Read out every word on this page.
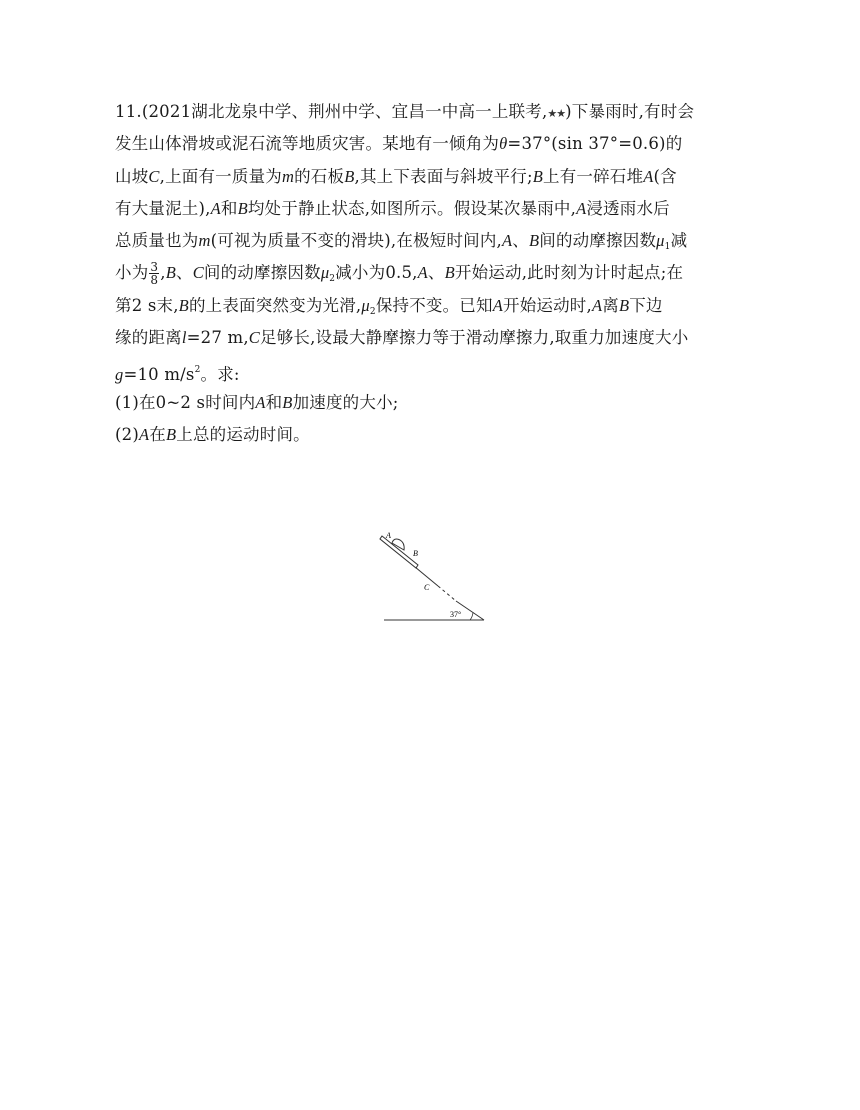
11.(2021湖北龙泉中学、荆州中学、宜昌一中高一上联考,★★)下暴雨时,有时会
发生山体滑坡或泥石流等地质灾害。某地有一倾角为θ=37°(sin 37°=0.6)的
山坡C,上面有一质量为m的石板B,其上下表面与斜坡平行;B上有一碎石堆A(含
有大量泥土),A和B均处于静止状态,如图所示。假设某次暴雨中,A浸透雨水后
总质量也为m(可视为质量不变的滑块),在极短时间内,A、B间的动摩擦因数$\mu_1$减
小为 $\frac{3}{8} ,B$、C间的动摩擦因数$\mu_2$减小为0.5,A、B开始运动,此时刻为计时起点;在
第2 s末,B的上表面突然变为光滑$,\mu_2$保持不变。已知A开始运动时,A离B下边
缘的距离l=27 m,C足够长,设最大静摩擦力等于滑动摩擦力,取重力加速度大小
g=10 $m/s^2$。求:
(1)在0~2 s时间内A和B加速度的大小;
(2)A在B上总的运动时间。
A
B
C
37°
